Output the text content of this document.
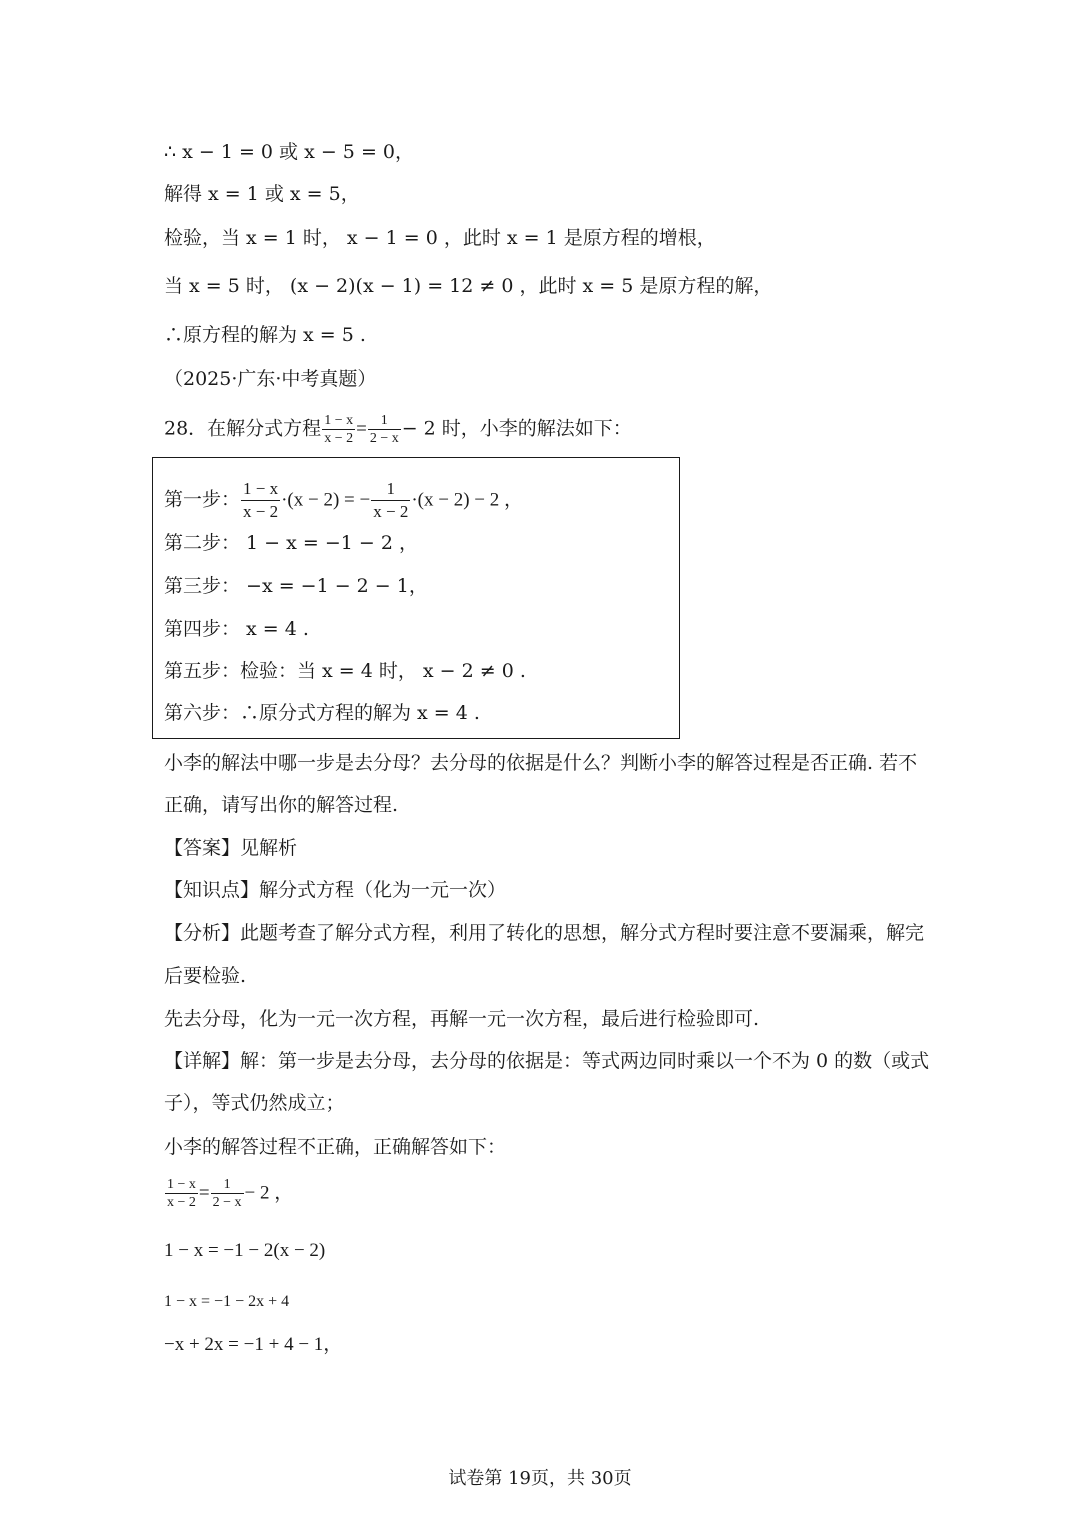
∴ x − 1 = 0 或 x − 5 = 0，
解得 x = 1 或 x = 5，
检验，当 x = 1 时， x − 1 = 0 ，此时 x = 1 是原方程的增根，
当 x = 5 时， (x − 2)(x − 1) = 12 ≠ 0 ，此时 x = 5 是原方程的解，
∴原方程的解为 x = 5 .
（2025·广东·中考真题）
28．在解分式方程 $\frac{1 - x}{x - 2} = \frac{1}{2 - x} - 2$ 时，小李的解法如下：
第一步： $\frac{1 - x}{x - 2} \cdot(x - 2)$ = − $\frac{1}{x - 2} \cdot(x - 2) - 2$ ，
第二步： 1 − x = −1 − 2 ，
第三步： −x = −1 − 2 − 1，
第四步： x = 4 .
第五步：检验：当 x = 4 时， x − 2 ≠ 0 .
第六步：∴原分式方程的解为 x = 4 .
小李的解法中哪一步是去分母？去分母的依据是什么？判断小李的解答过程是否正确. 若不
正确，请写出你的解答过程.
【答案】见解析
【知识点】解分式方程（化为一元一次）
【分析】此题考查了解分式方程，利用了转化的思想，解分式方程时要注意不要漏乘，解完
后要检验.
先去分母，化为一元一次方程，再解一元一次方程，最后进行检验即可.
【详解】解：第一步是去分母，去分母的依据是：等式两边同时乘以一个不为 0 的数（或式
子），等式仍然成立；
小李的解答过程不正确，正确解答如下：
$\frac{1 - x}{x - 2} = \frac{1}{2 - x} - 2$ ，
1 − x = −1 − 2(x − 2)
1 − x = −1 − 2x + 4
−x + 2x = −1 + 4 − 1，
试卷第 19页，共 30页
